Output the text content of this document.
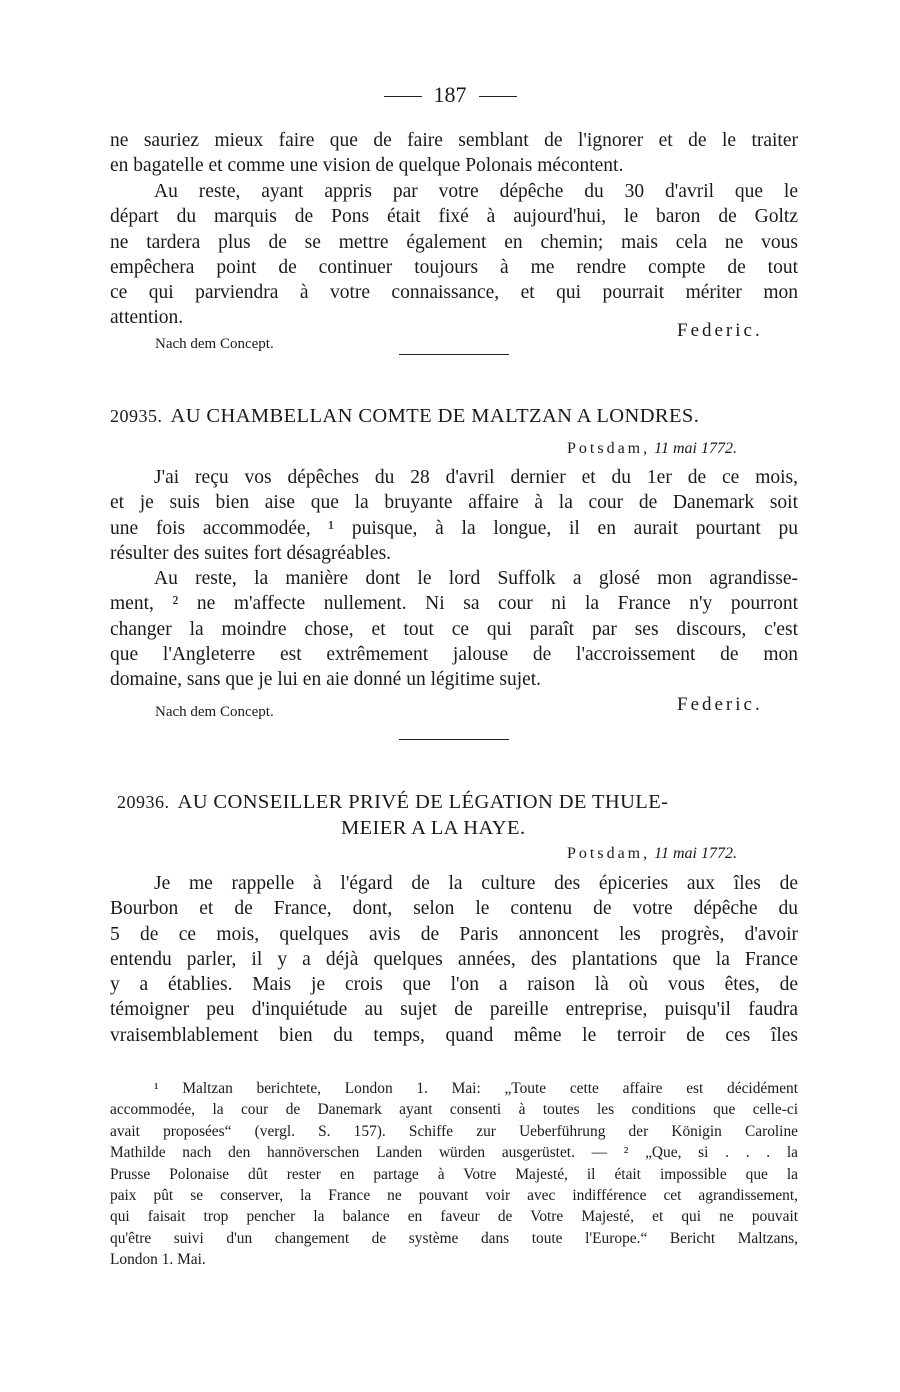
187
ne sauriez mieux faire que de faire semblant de l'ignorer et de le traiter
en bagatelle et comme une vision de quelque Polonais mécontent.
Au reste, ayant appris par votre dépêche du 30 d'avril que le
départ du marquis de Pons était fixé à aujourd'hui, le baron de Goltz
ne tardera plus de se mettre également en chemin; mais cela ne vous
empêchera point de continuer toujours à me rendre compte de tout
ce qui parviendra à votre connaissance, et qui pourrait mériter mon
attention.
Federic.
Nach dem Concept.
20935. AU CHAMBELLAN COMTE DE MALTZAN A LONDRES.
Potsdam, 11 mai 1772.
J'ai reçu vos dépêches du 28 d'avril dernier et du 1er de ce mois,
et je suis bien aise que la bruyante affaire à la cour de Danemark soit
une fois accommodée, ¹ puisque, à la longue, il en aurait pourtant pu
résulter des suites fort désagréables.
Au reste, la manière dont le lord Suffolk a glosé mon agrandisse-
ment, ² ne m'affecte nullement. Ni sa cour ni la France n'y pourront
changer la moindre chose, et tout ce qui paraît par ses discours, c'est
que l'Angleterre est extrêmement jalouse de l'accroissement de mon
domaine, sans que je lui en aie donné un légitime sujet.
Federic.
Nach dem Concept.
20936. AU CONSEILLER PRIVÉ DE LÉGATION DE THULE-
MEIER A LA HAYE.
Potsdam, 11 mai 1772.
Je me rappelle à l'égard de la culture des épiceries aux îles de
Bourbon et de France, dont, selon le contenu de votre dépêche du
5 de ce mois, quelques avis de Paris annoncent les progrès, d'avoir
entendu parler, il y a déjà quelques années, des plantations que la France
y a établies. Mais je crois que l'on a raison là où vous êtes, de
témoigner peu d'inquiétude au sujet de pareille entreprise, puisqu'il faudra
vraisemblablement bien du temps, quand même le terroir de ces îles
¹ Maltzan berichtete, London 1. Mai: „Toute cette affaire est décidément
accommodée, la cour de Danemark ayant consenti à toutes les conditions que celle-ci
avait proposées“ (vergl. S. 157). Schiffe zur Ueberführung der Königin Caroline
Mathilde nach den hannöverschen Landen würden ausgerüstet. — ² „Que, si . . . la
Prusse Polonaise dût rester en partage à Votre Majesté, il était impossible que la
paix pût se conserver, la France ne pouvant voir avec indifférence cet agrandissement,
qui faisait trop pencher la balance en faveur de Votre Majesté, et qui ne pouvait
qu'être suivi d'un changement de système dans toute l'Europe.“ Bericht Maltzans,
London 1. Mai.
